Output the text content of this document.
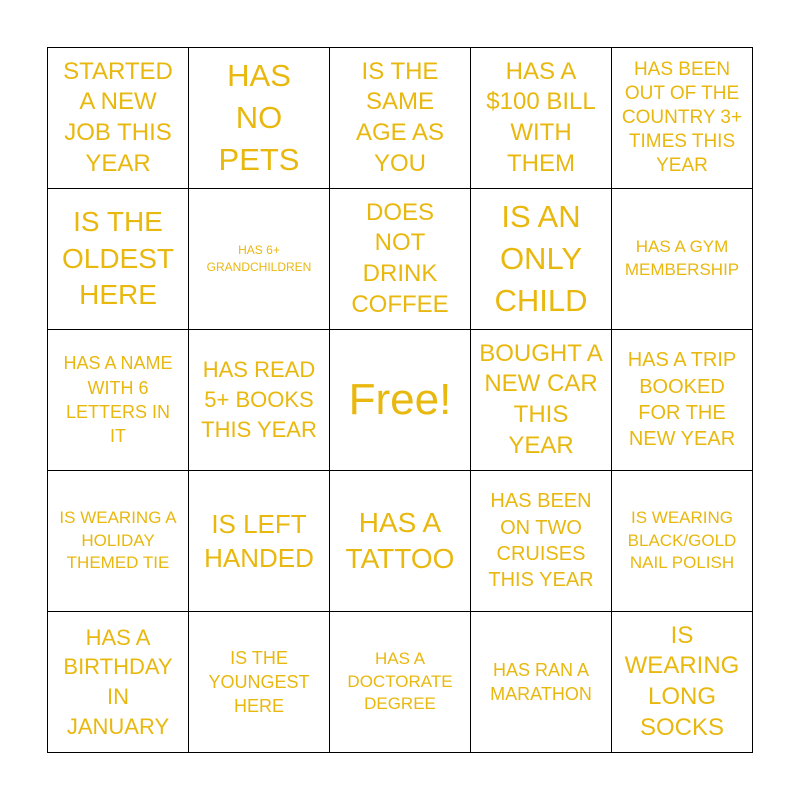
STARTED A NEW JOB THIS YEAR
HAS NO PETS
IS THE SAME AGE AS YOU
HAS A $100 BILL WITH THEM
HAS BEEN OUT OF THE COUNTRY 3+ TIMES THIS YEAR
IS THE OLDEST HERE
HAS 6+ GRANDCHILDREN
DOES NOT DRINK COFFEE
IS AN ONLY CHILD
HAS A GYM MEMBERSHIP
HAS A NAME WITH 6 LETTERS IN IT
HAS READ 5+ BOOKS THIS YEAR
Free!
BOUGHT A NEW CAR THIS YEAR
HAS A TRIP BOOKED FOR THE NEW YEAR
IS WEARING A HOLIDAY THEMED TIE
IS LEFT HANDED
HAS A TATTOO
HAS BEEN ON TWO CRUISES THIS YEAR
IS WEARING BLACK/GOLD NAIL POLISH
HAS A BIRTHDAY IN JANUARY
IS THE YOUNGEST HERE
HAS A DOCTORATE DEGREE
HAS RAN A MARATHON
IS WEARING LONG SOCKS
